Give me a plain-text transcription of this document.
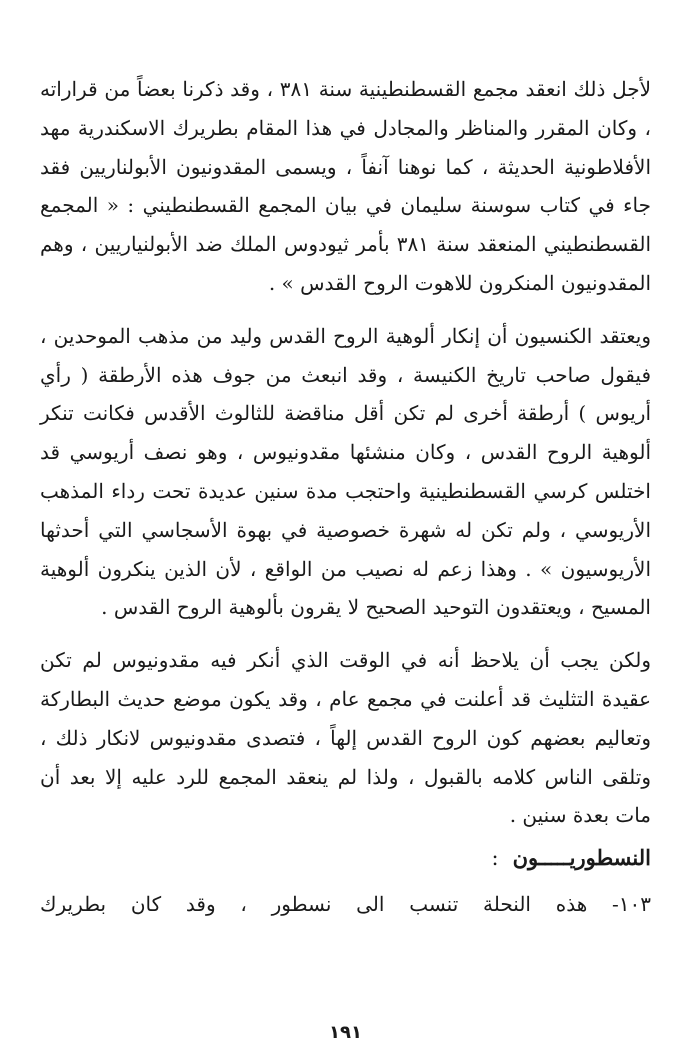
لأجل ذلك انعقد مجمع القسطنطينية سنة ٣٨١ ، وقد ذكرنا بعضاً من قراراته ، وكان المقرر والمناظر والمجادل في هذا المقام بطريرك الاسكندرية مهد الأفلاطونية الحديثة ، كما نوهنا آنفاً ، ويسمى المقدونيون الأبولناريين فقد جاء في كتاب سوسنة سليمان في بيان المجمع القسطنطيني : « المجمع القسطنطيني المنعقد سنة ٣٨١ بأمر ثيودوس الملك ضد الأبولنياريين ، وهم المقدونيون المنكرون للاهوت الروح القدس » .

ويعتقد الكنسيون أن إنكار ألوهية الروح القدس وليد من مذهب الموحدين ، فيقول صاحب تاريخ الكنيسة ، وقد انبعث من جوف هذه الأرطقة ( رأي أريوس ) أرطقة أخرى لم تكن أقل مناقضة للثالوث الأقدس فكانت تنكر ألوهية الروح القدس ، وكان منشئها مقدونيوس ، وهو نصف أريوسي قد اختلس كرسي القسطنطينية واحتجب مدة سنين عديدة تحت رداء المذهب الأريوسي ، ولم تكن له شهرة خصوصية في بهوة الأسجاسي التي أحدثها الأريوسيون » . وهذا زعم له نصيب من الواقع ، لأن الذين ينكرون ألوهية المسيح ، ويعتقدون التوحيد الصحيح لا يقرون بألوهية الروح القدس .

ولكن يجب أن يلاحظ أنه في الوقت الذي أنكر فيه مقدونيوس لم تكن عقيدة التثليث قد أعلنت في مجمع عام ، وقد يكون موضع حديث البطاركة وتعاليم بعضهم كون الروح القدس إلهاً ، فتصدى مقدونيوس لانكار ذلك ، وتلقى الناس كلامه بالقبول ، ولذا لم ينعقد المجمع للرد عليه إلا بعد أن مات بعدة سنين .

النسطوريـــــون:

١٠٣- هذه النحلة تنسب الى نسطور ، وقد كان بطريرك

١٩١
